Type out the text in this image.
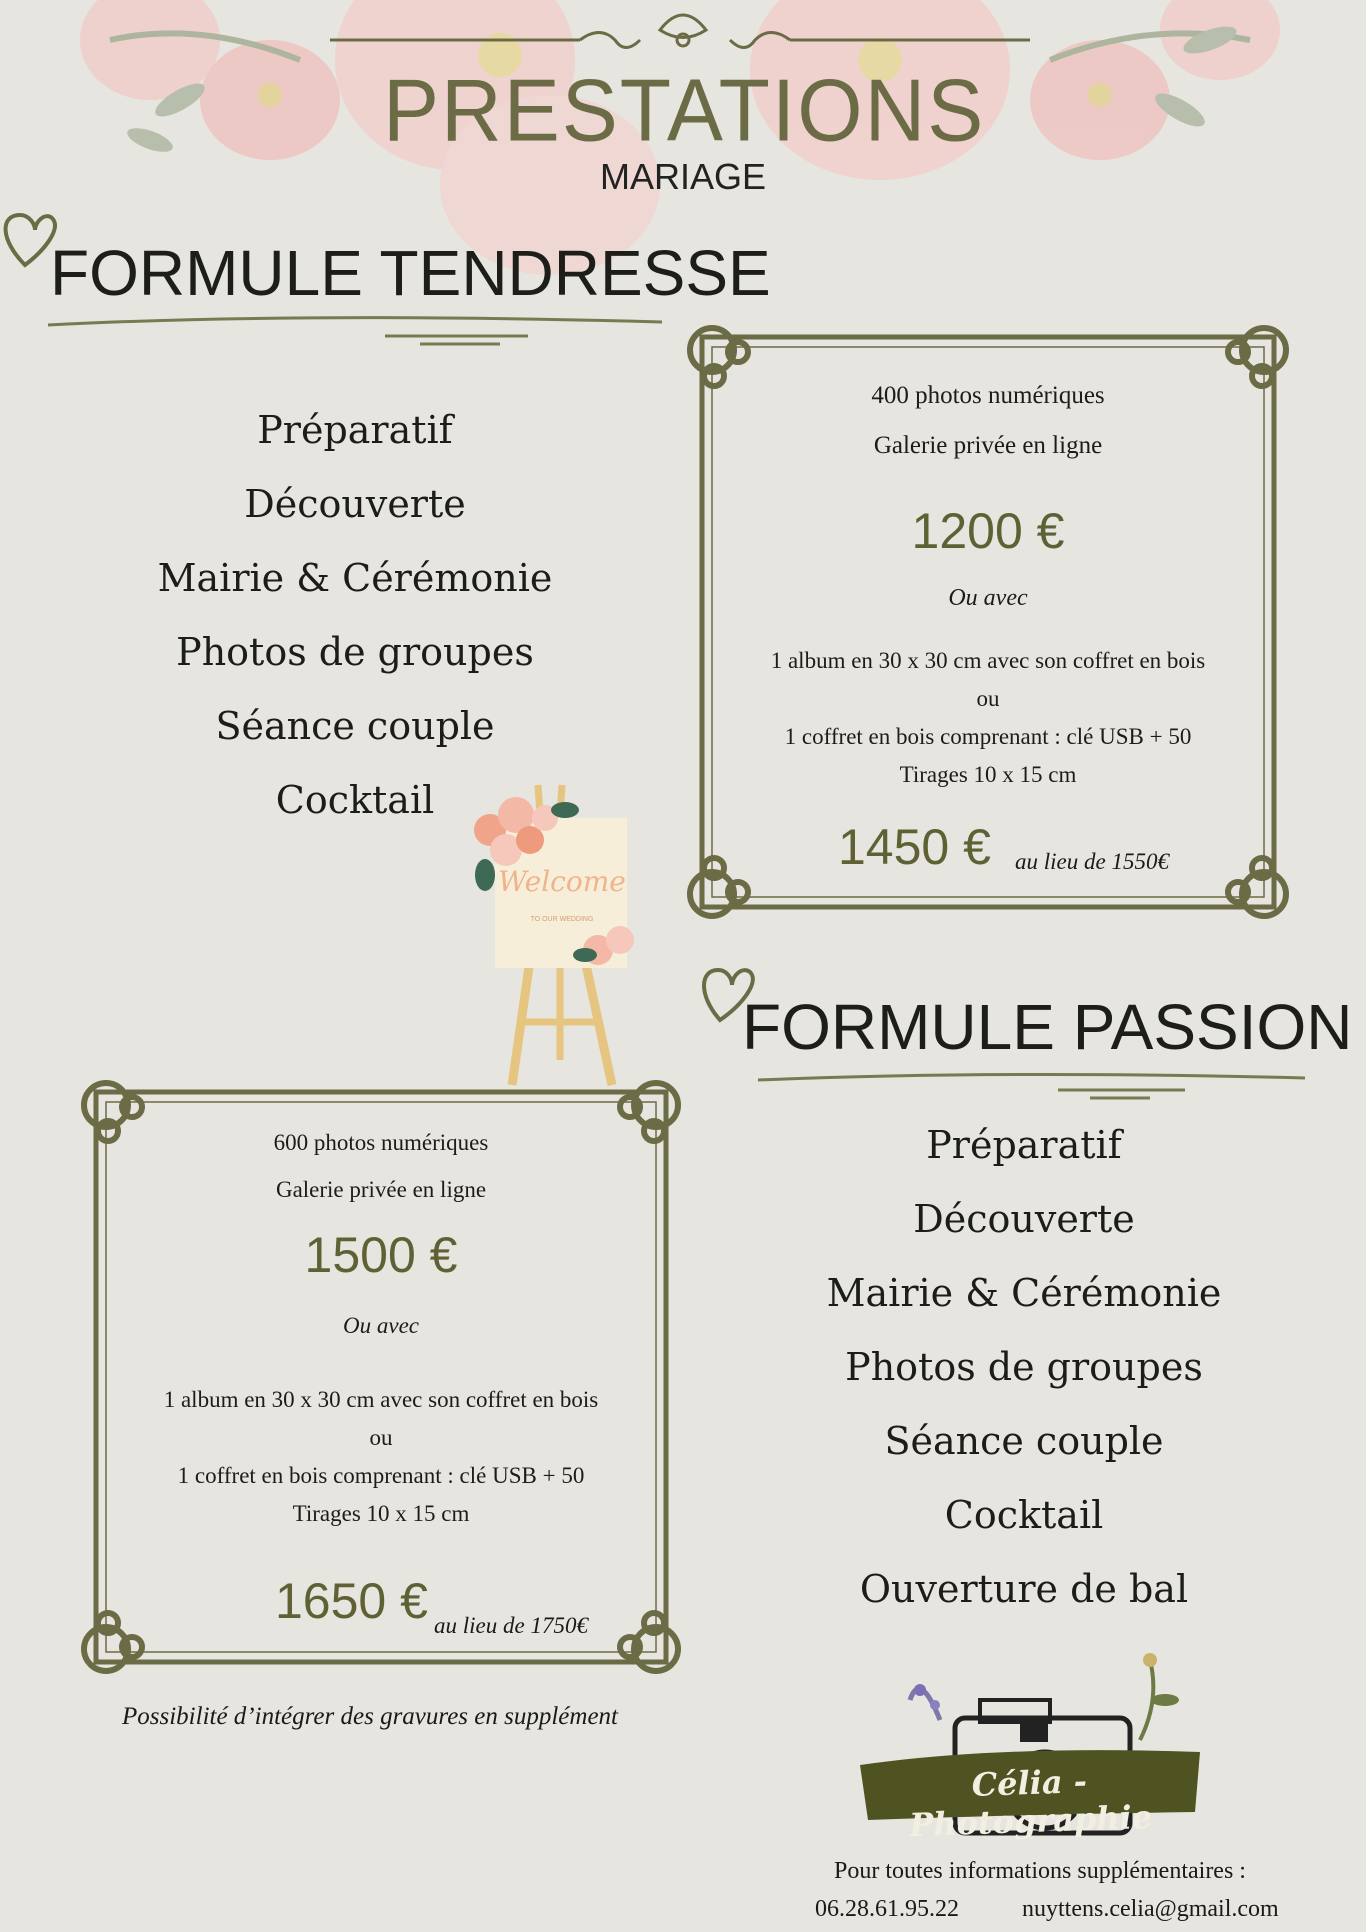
PRESTATIONS
MARIAGE
FORMULE TENDRESSE
Préparatif
Découverte
Mairie & Cérémonie
Photos de groupes
Séance couple
Cocktail
400 photos numériques
Galerie privée en ligne
1200 €
Ou avec
1 album en 30 x 30 cm avec son coffret en bois
ou
1 coffret en bois comprenant : clé USB + 50
Tirages 10 x 15 cm
1450 € au lieu de 1550€
Welcome
TO OUR WEDDING
FORMULE PASSION
Préparatif
Découverte
Mairie & Cérémonie
Photos de groupes
Séance couple
Cocktail
Ouverture de bal
600 photos numériques
Galerie privée en ligne
1500 €
Ou avec
1 album en 30 x 30 cm avec son coffret en bois
ou
1 coffret en bois comprenant : clé USB + 50
Tirages 10 x 15 cm
1650 € au lieu de 1750€
Possibilité d’intégrer des gravures en supplément
Célia - Photographie
Pour toutes informations supplémentaires :
06.28.61.95.22	nuyttens.celia@gmail.com
